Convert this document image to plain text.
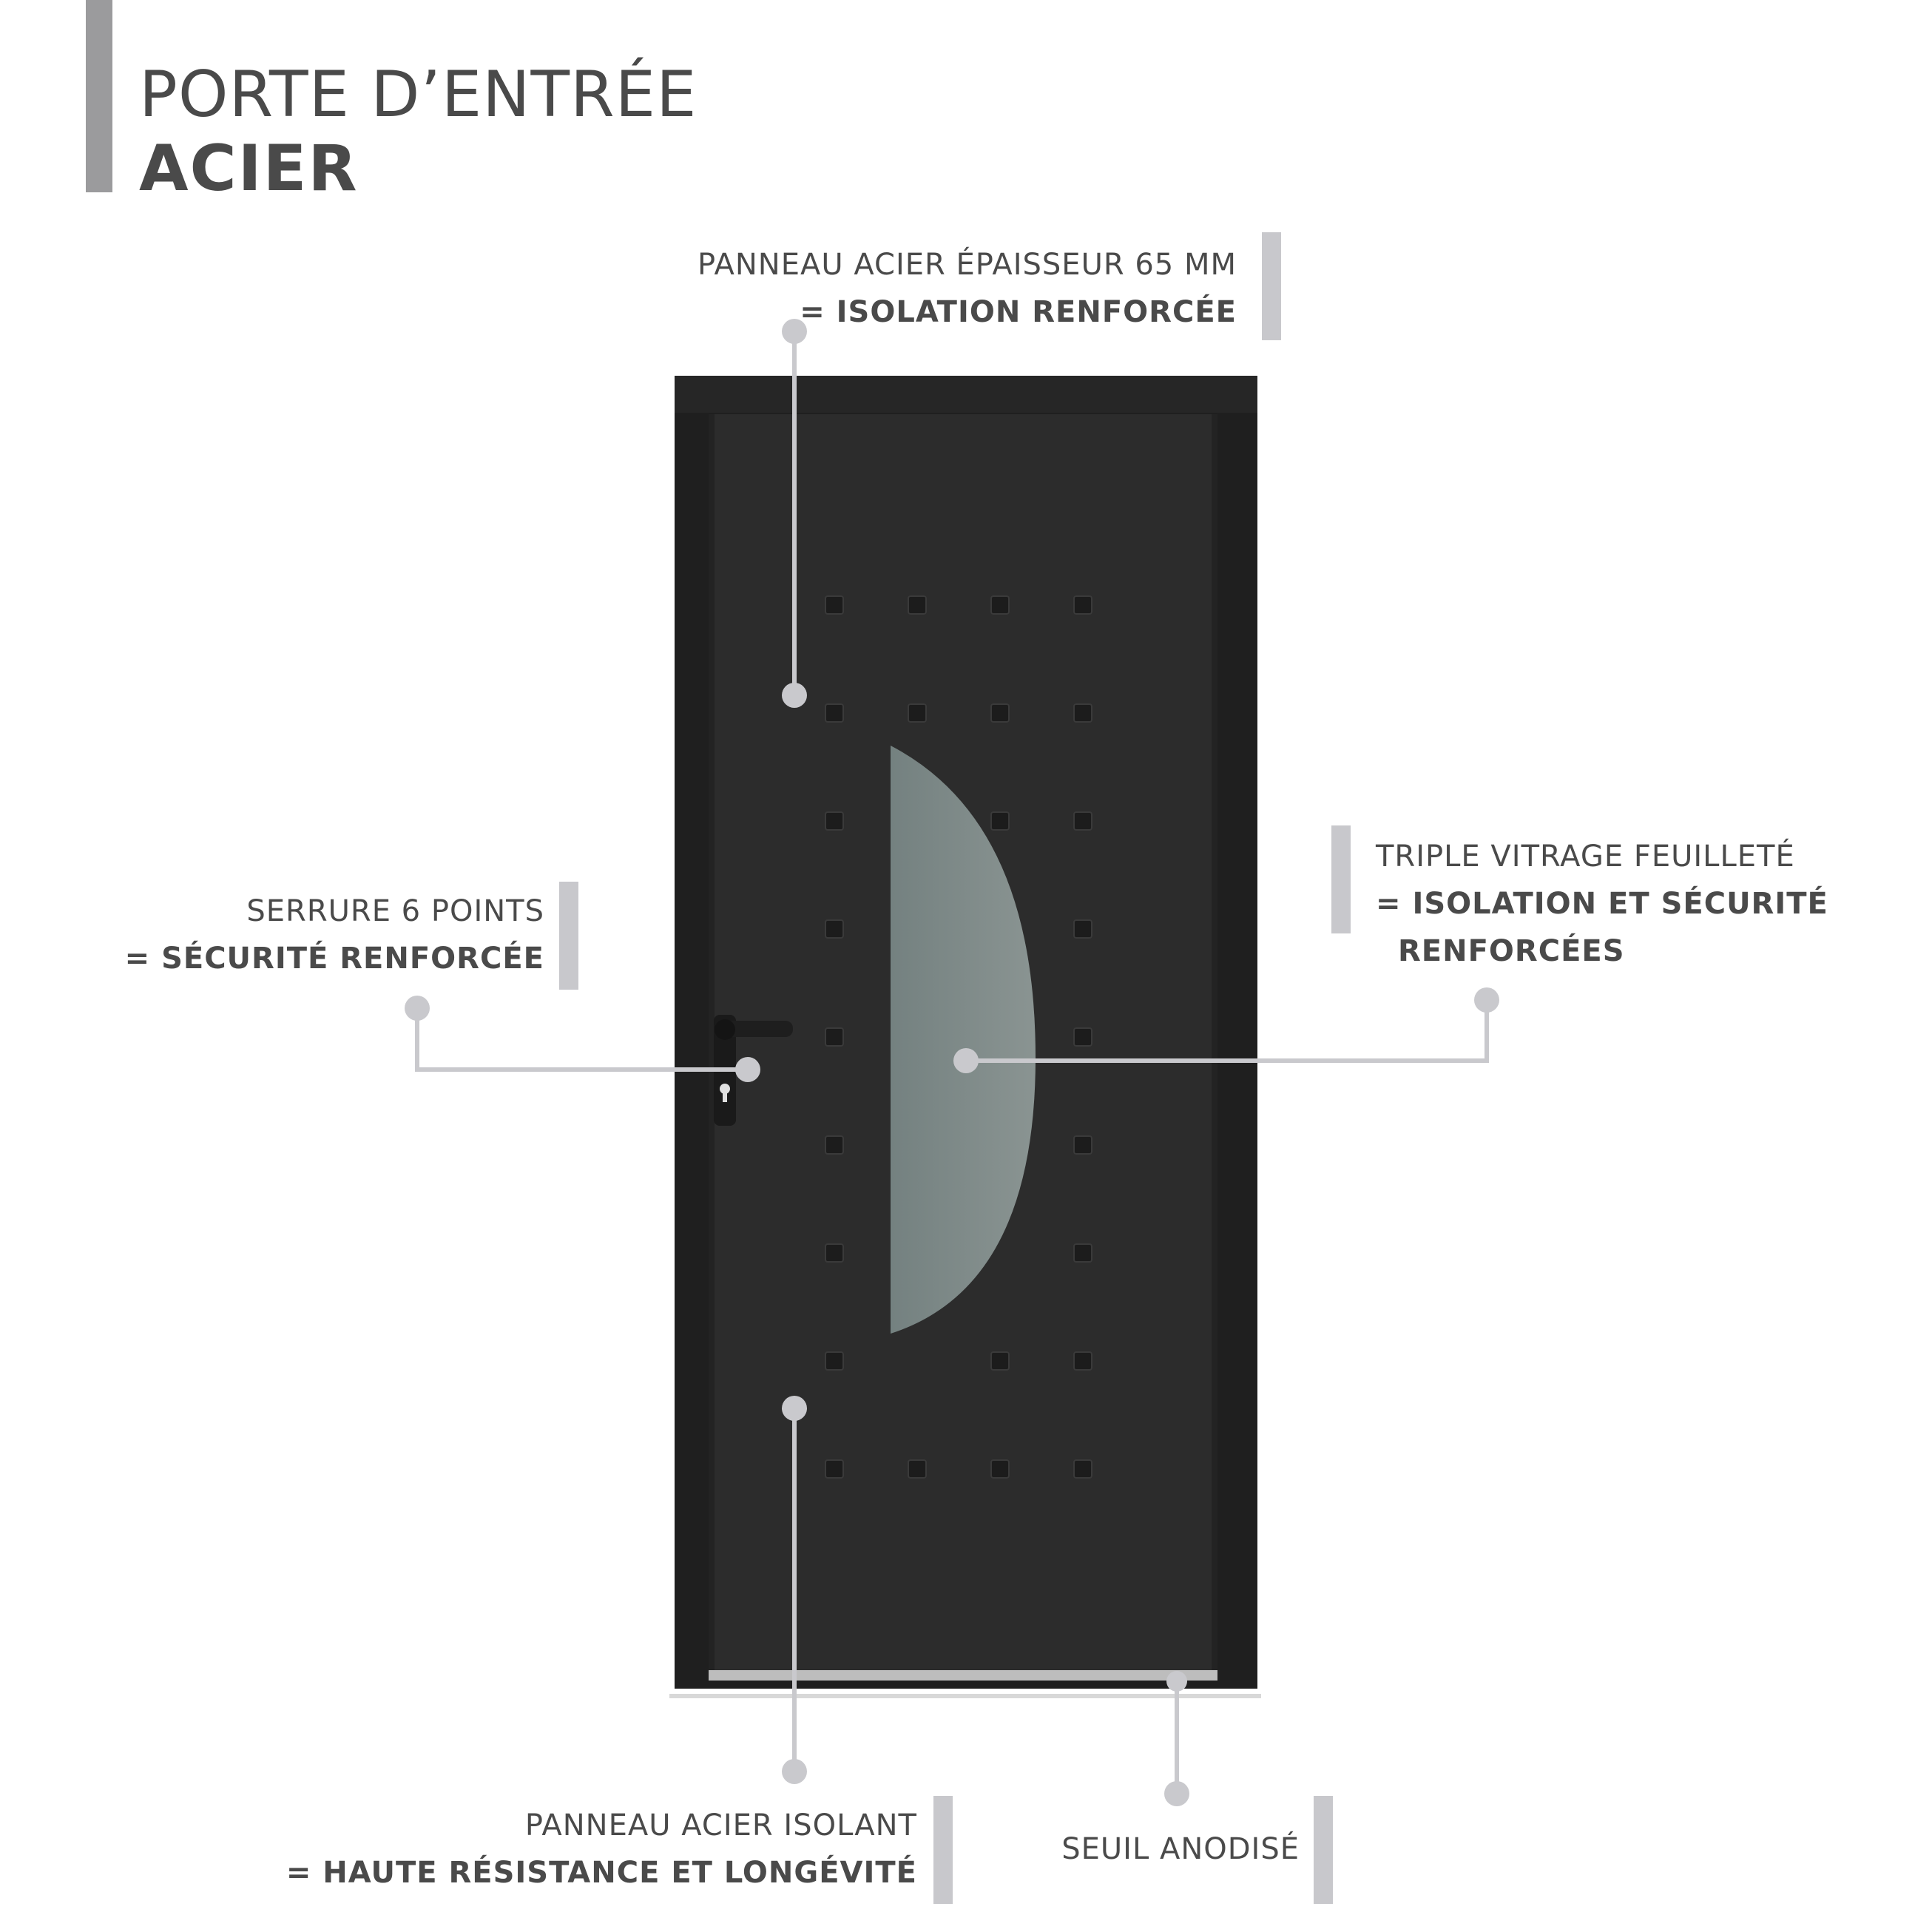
PORTE D’ENTRÉE
ACIER
PANNEAU ACIER ÉPAISSEUR 65 MM
= ISOLATION RENFORCÉE
SERRURE 6 POINTS
= SÉCURITÉ RENFORCÉE
TRIPLE VITRAGE FEUILLETÉ
= ISOLATION ET SÉCURITÉ
RENFORCÉES
PANNEAU ACIER ISOLANT
= HAUTE RÉSISTANCE ET LONGÉVITÉ
SEUIL ANODISÉ
